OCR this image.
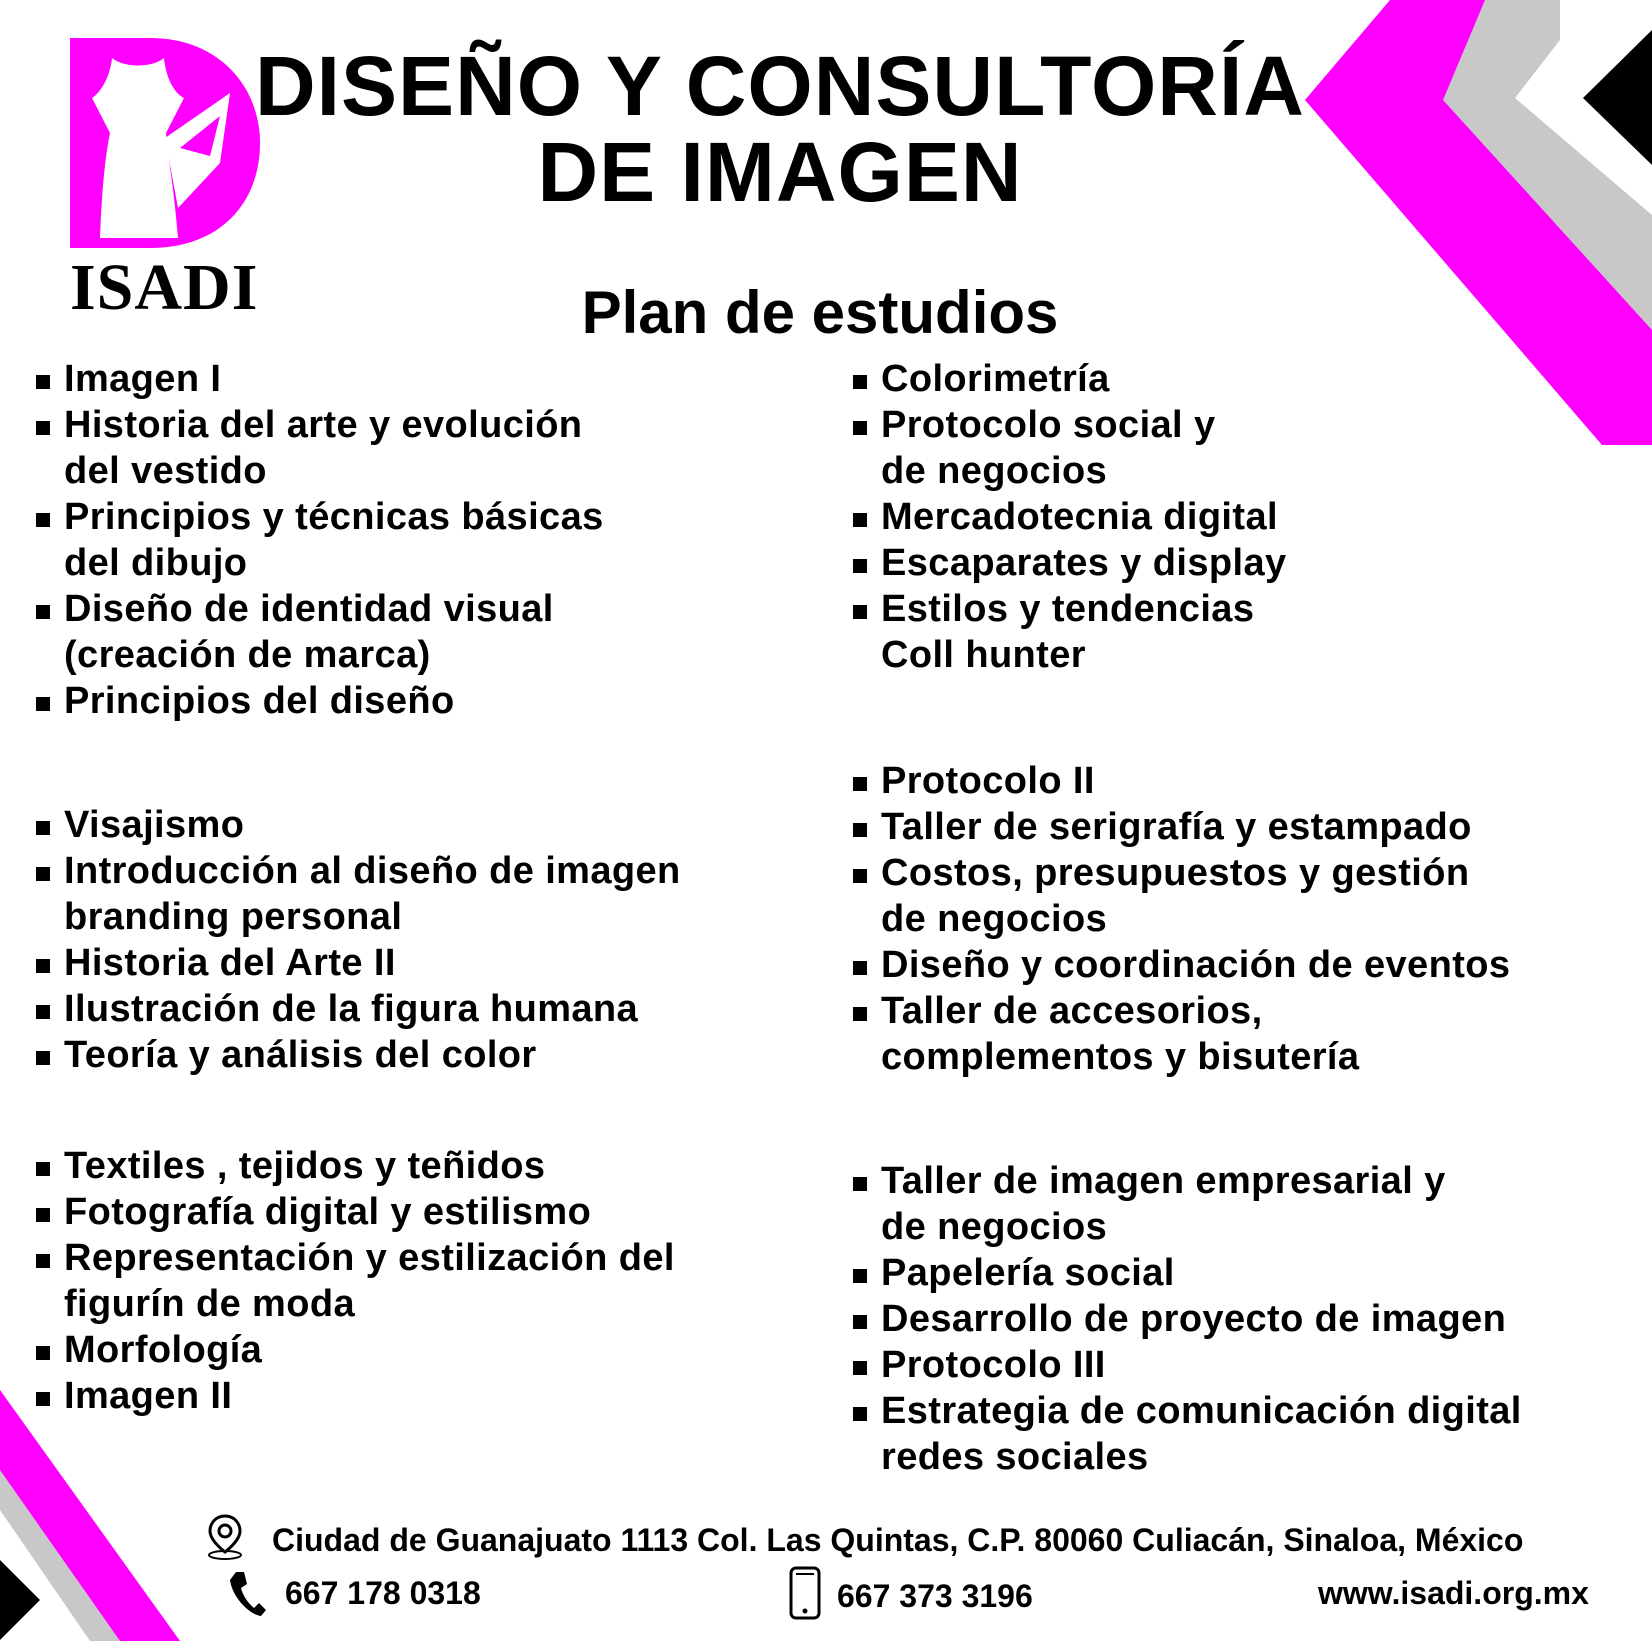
ISADI
DISEÑO Y CONSULTORÍA
DE IMAGEN
Plan de estudios
Imagen I
Historia del arte y evolución
del vestido
Principios y técnicas básicas
del dibujo
Diseño de identidad visual
(creación de marca)
Principios del diseño
Visajismo
Introducción al diseño de imagen
branding personal
Historia del Arte II
Ilustración de la figura humana
Teoría y análisis del color
Textiles , tejidos y teñidos
Fotografía digital y estilismo
Representación y estilización del
figurín de moda
Morfología
Imagen II
Colorimetría
Protocolo social y
de negocios
Mercadotecnia digital
Escaparates y display
Estilos y tendencias
Coll hunter
Protocolo II
Taller de serigrafía y estampado
Costos, presupuestos y gestión
de negocios
Diseño y coordinación de eventos
Taller de accesorios,
complementos y bisutería
Taller de imagen empresarial y
de negocios
Papelería social
Desarrollo de proyecto de imagen
Protocolo III
Estrategia de comunicación digital
redes sociales
Ciudad de Guanajuato 1113 Col. Las Quintas, C.P. 80060 Culiacán, Sinaloa, México
667 178 0318	667 373 3196	www.isadi.org.mx
